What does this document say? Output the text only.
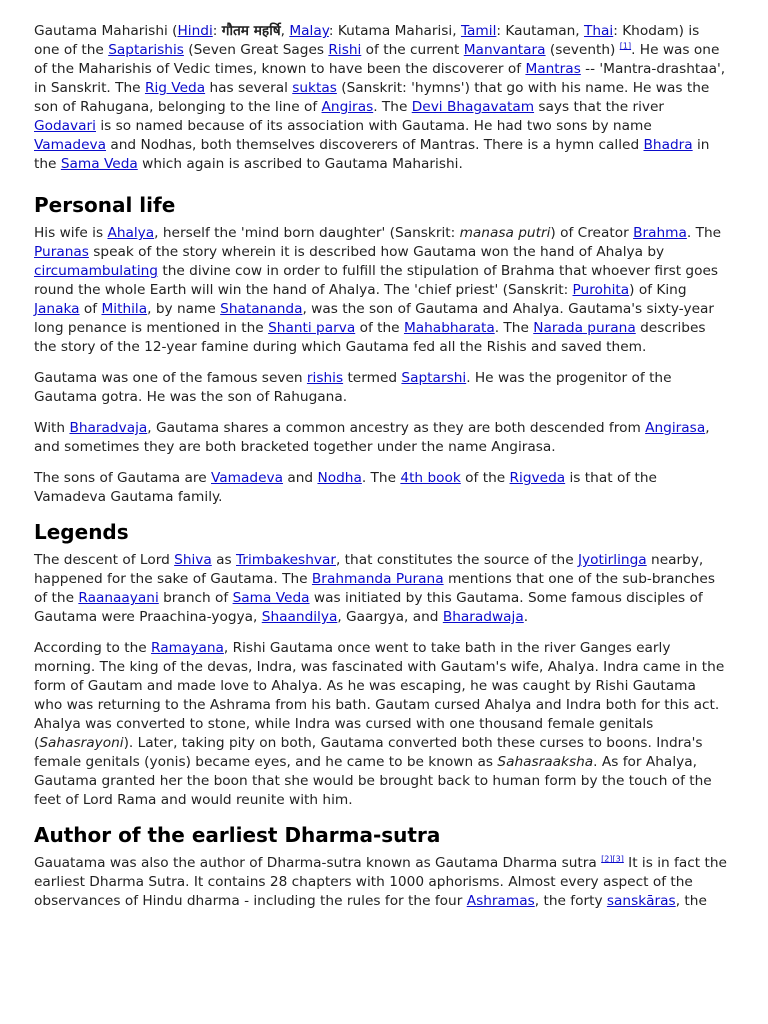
Gautama Maharishi (Hindi: गौतम महर्षि, Malay: Kutama Maharisi, Tamil: Kautaman, Thai: Khodam) is one of the Saptarishis (Seven Great Sages Rishi of the current Manvantara (seventh) [1]. He was one of the Maharishis of Vedic times, known to have been the discoverer of Mantras -- 'Mantra-drashtaa', in Sanskrit. The Rig Veda has several suktas (Sanskrit: 'hymns') that go with his name. He was the son of Rahugana, belonging to the line of Angiras. The Devi Bhagavatam says that the river Godavari is so named because of its association with Gautama. He had two sons by name Vamadeva and Nodhas, both themselves discoverers of Mantras. There is a hymn called Bhadra in the Sama Veda which again is ascribed to Gautama Maharishi.

Personal life

His wife is Ahalya, herself the 'mind born daughter' (Sanskrit: manasa putri) of Creator Brahma. The Puranas speak of the story wherein it is described how Gautama won the hand of Ahalya by circumambulating the divine cow in order to fulfill the stipulation of Brahma that whoever first goes round the whole Earth will win the hand of Ahalya. The 'chief priest' (Sanskrit: Purohita) of King Janaka of Mithila, by name Shatananda, was the son of Gautama and Ahalya. Gautama's sixty-year long penance is mentioned in the Shanti parva of the Mahabharata. The Narada purana describes the story of the 12-year famine during which Gautama fed all the Rishis and saved them.

Gautama was one of the famous seven rishis termed Saptarshi. He was the progenitor of the Gautama gotra. He was the son of Rahugana.

With Bharadvaja, Gautama shares a common ancestry as they are both descended from Angirasa, and sometimes they are both bracketed together under the name Angirasa.

The sons of Gautama are Vamadeva and Nodha. The 4th book of the Rigveda is that of the Vamadeva Gautama family.

Legends

The descent of Lord Shiva as Trimbakeshvar, that constitutes the source of the Jyotirlinga nearby, happened for the sake of Gautama. The Brahmanda Purana mentions that one of the sub-branches of the Raanaayani branch of Sama Veda was initiated by this Gautama. Some famous disciples of Gautama were Praachina-yogya, Shaandilya, Gaargya, and Bharadwaja.

According to the Ramayana, Rishi Gautama once went to take bath in the river Ganges early morning. The king of the devas, Indra, was fascinated with Gautam's wife, Ahalya. Indra came in the form of Gautam and made love to Ahalya. As he was escaping, he was caught by Rishi Gautama who was returning to the Ashrama from his bath. Gautam cursed Ahalya and Indra both for this act. Ahalya was converted to stone, while Indra was cursed with one thousand female genitals (Sahasrayoni). Later, taking pity on both, Gautama converted both these curses to boons. Indra's female genitals (yonis) became eyes, and he came to be known as Sahasraaksha. As for Ahalya, Gautama granted her the boon that she would be brought back to human form by the touch of the feet of Lord Rama and would reunite with him.

Author of the earliest Dharma-sutra

Gauatama was also the author of Dharma-sutra known as Gautama Dharma sutra [2][3] It is in fact the earliest Dharma Sutra. It contains 28 chapters with 1000 aphorisms. Almost every aspect of the observances of Hindu dharma - including the rules for the four Ashramas, the forty sanskāras, the
